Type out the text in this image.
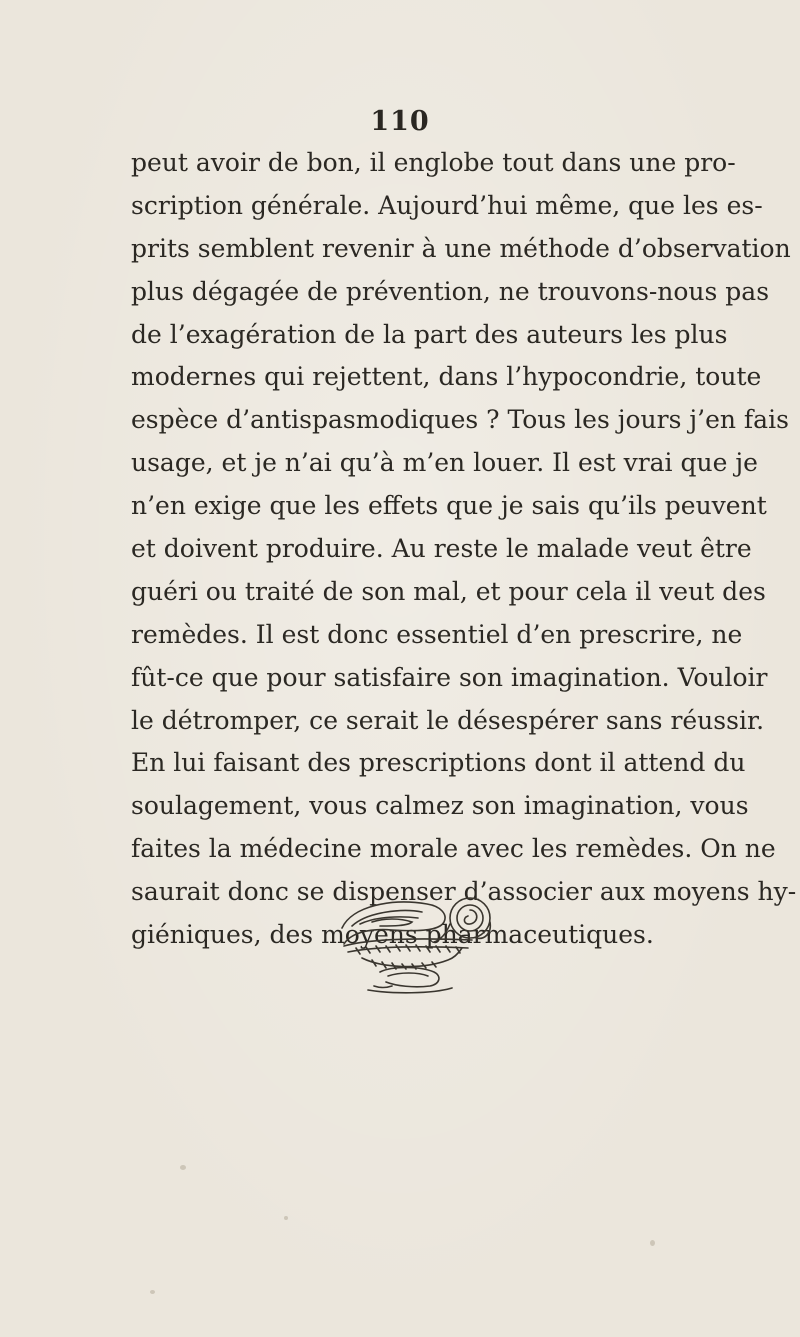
110
peut avoir de bon, il englobe tout dans une pro-
scription générale. Aujourd’hui même, que les es-
prits semblent revenir à une méthode d’observation
plus dégagée de prévention, ne trouvons-nous pas
de l’exagération de la part des auteurs les plus
modernes qui rejettent, dans l’hypocondrie, toute
espèce d’antispasmodiques ? Tous les jours j’en fais
usage, et je n’ai qu’à m’en louer. Il est vrai que je
n’en exige que les effets que je sais qu’ils peuvent
et doivent produire. Au reste le malade veut être
guéri ou traité de son mal, et pour cela il veut des
remèdes. Il est donc essentiel d’en prescrire, ne
fût-ce que pour satisfaire son imagination. Vouloir
le détromper, ce serait le désespérer sans réussir.
En lui faisant des prescriptions dont il attend du
soulagement, vous calmez son imagination, vous
faites la médecine morale avec les remèdes. On ne
saurait donc se dispenser d’associer aux moyens hy-
giéniques, des moyens pharmaceutiques.
